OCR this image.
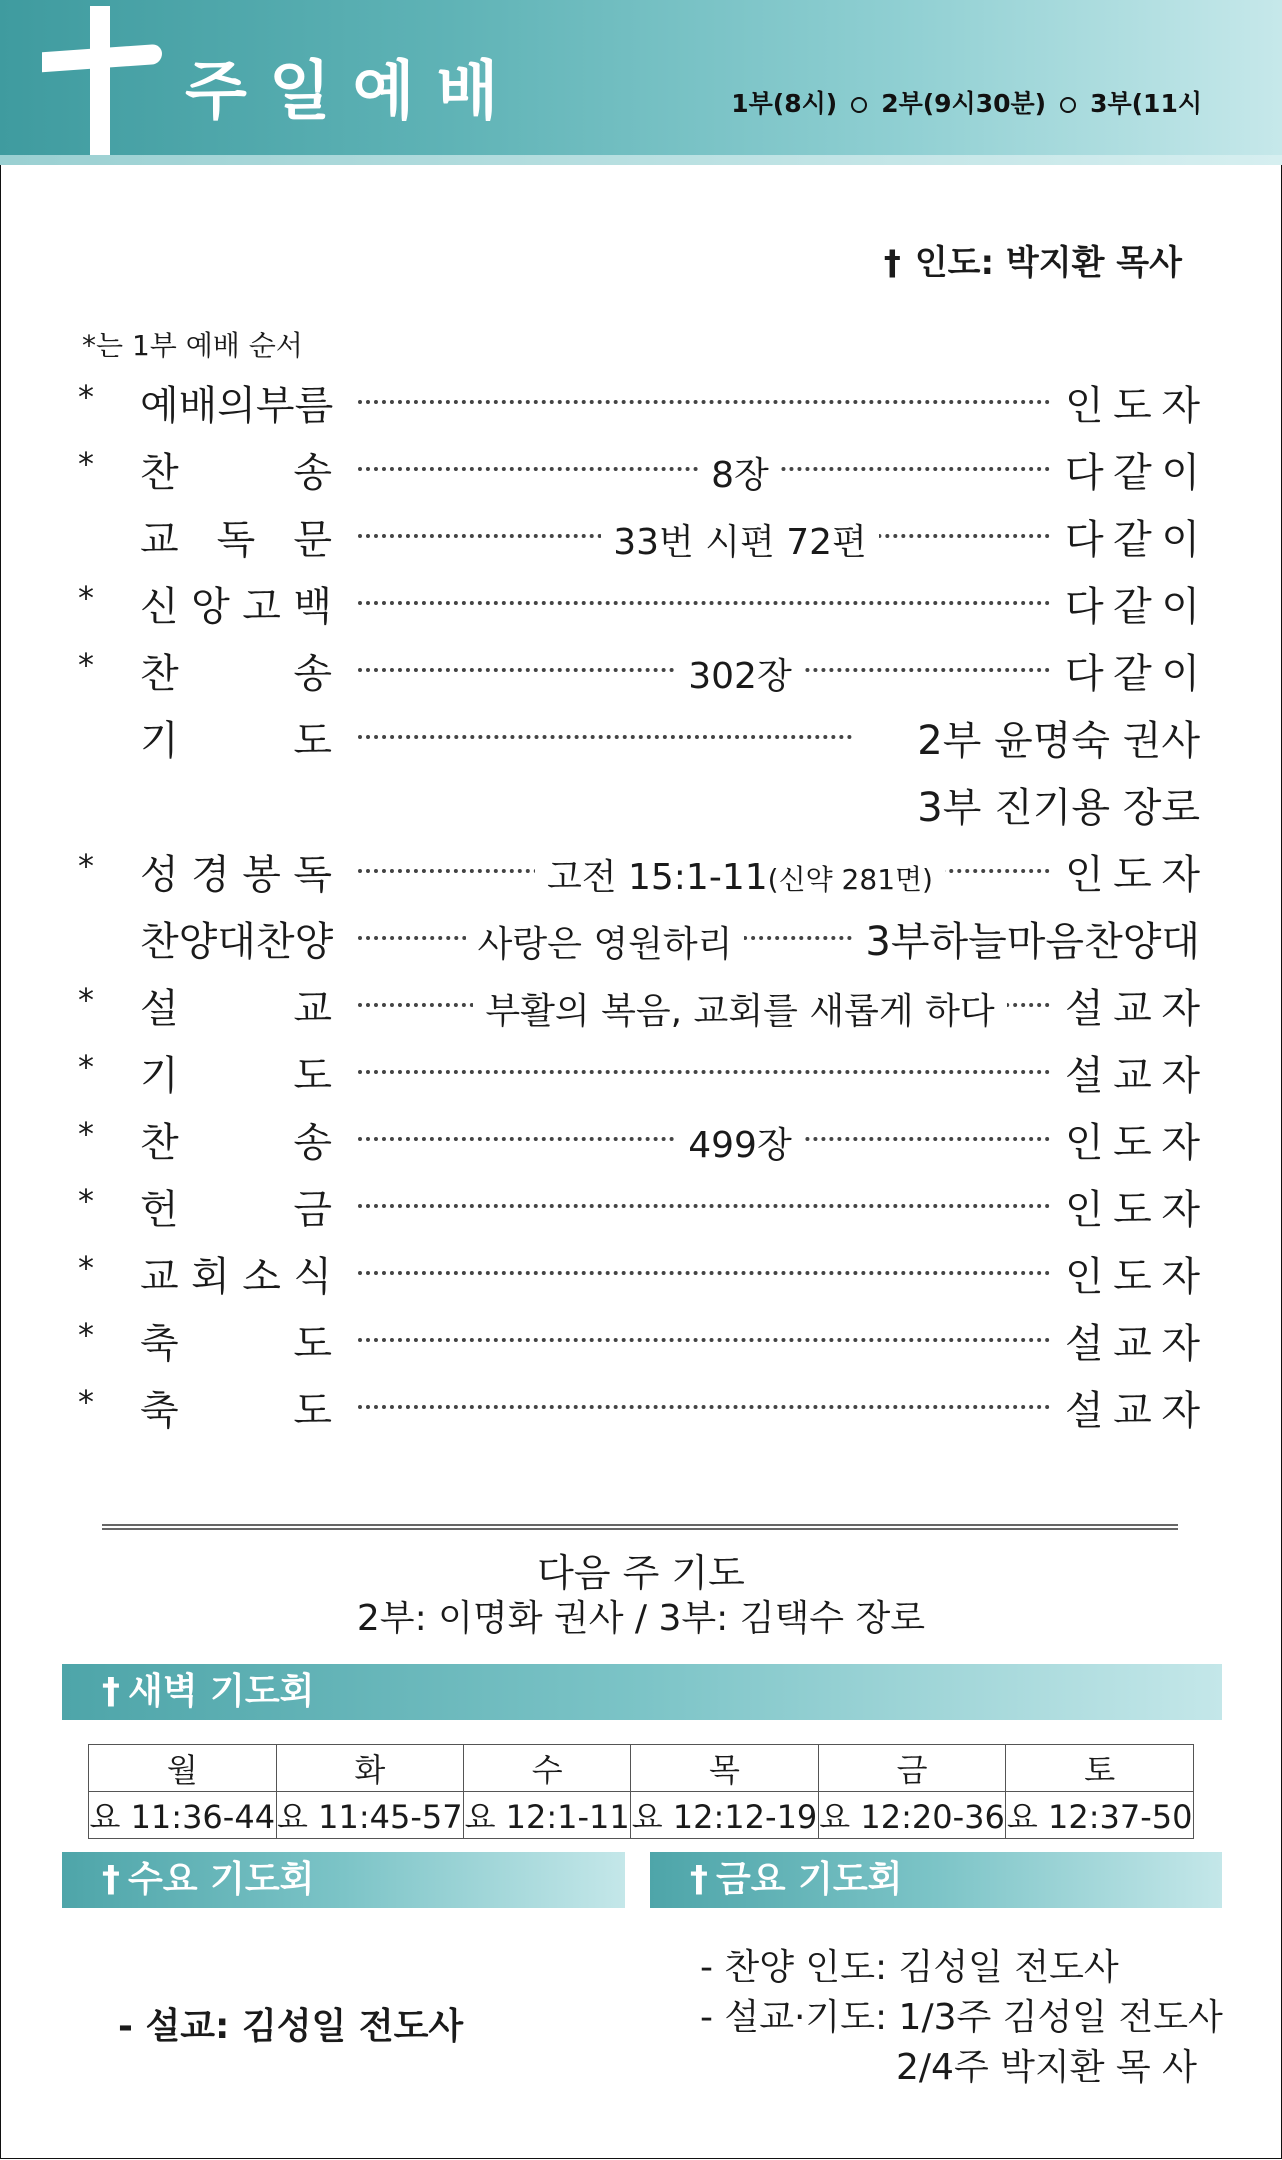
주일예배	1부(8시) 2부(9시30분) 3부(11시
† 인도: 박지환 목사
*는 1부 예배 순서
* 예 배 의 부 름	인 도 자
* 찬	송	8장	다 같 이
교 독 문	33번 시편 72편	다 같 이
* 신 앙 고 백	다 같 이
* 찬	송	302장	다 같 이
기	도	2부 윤명숙 권사
3부 진기용 장로
* 성 경 봉 독	고전 15:1-11(신약 281면)	인 도 자
찬 양 대 찬 양	사랑은 영원하리	3부하늘마음찬양대
* 설	교	부활의 복음, 교회를 새롭게 하다	설 교 자
* 기	도	설 교 자
* 찬	송	499장	인 도 자
* 헌	금	인 도 자
* 교 회 소 식	인 도 자
* 축	도	설 교 자
* 축	도	설 교 자
다음 주 기도
2부: 이명화 권사 / 3부: 김택수 장로
† 새벽 기도회
월	화	수	목	금	토
요 11:36-44	요 11:45-57	요 12:1-11	요 12:12-19	요 12:20-36	요 12:37-50
† 수요 기도회
- 설교: 김성일 전도사
† 금요 기도회
- 찬양 인도: 김성일 전도사
- 설교·기도: 1/3주 김성일 전도사
2/4주 박지환 목 사
